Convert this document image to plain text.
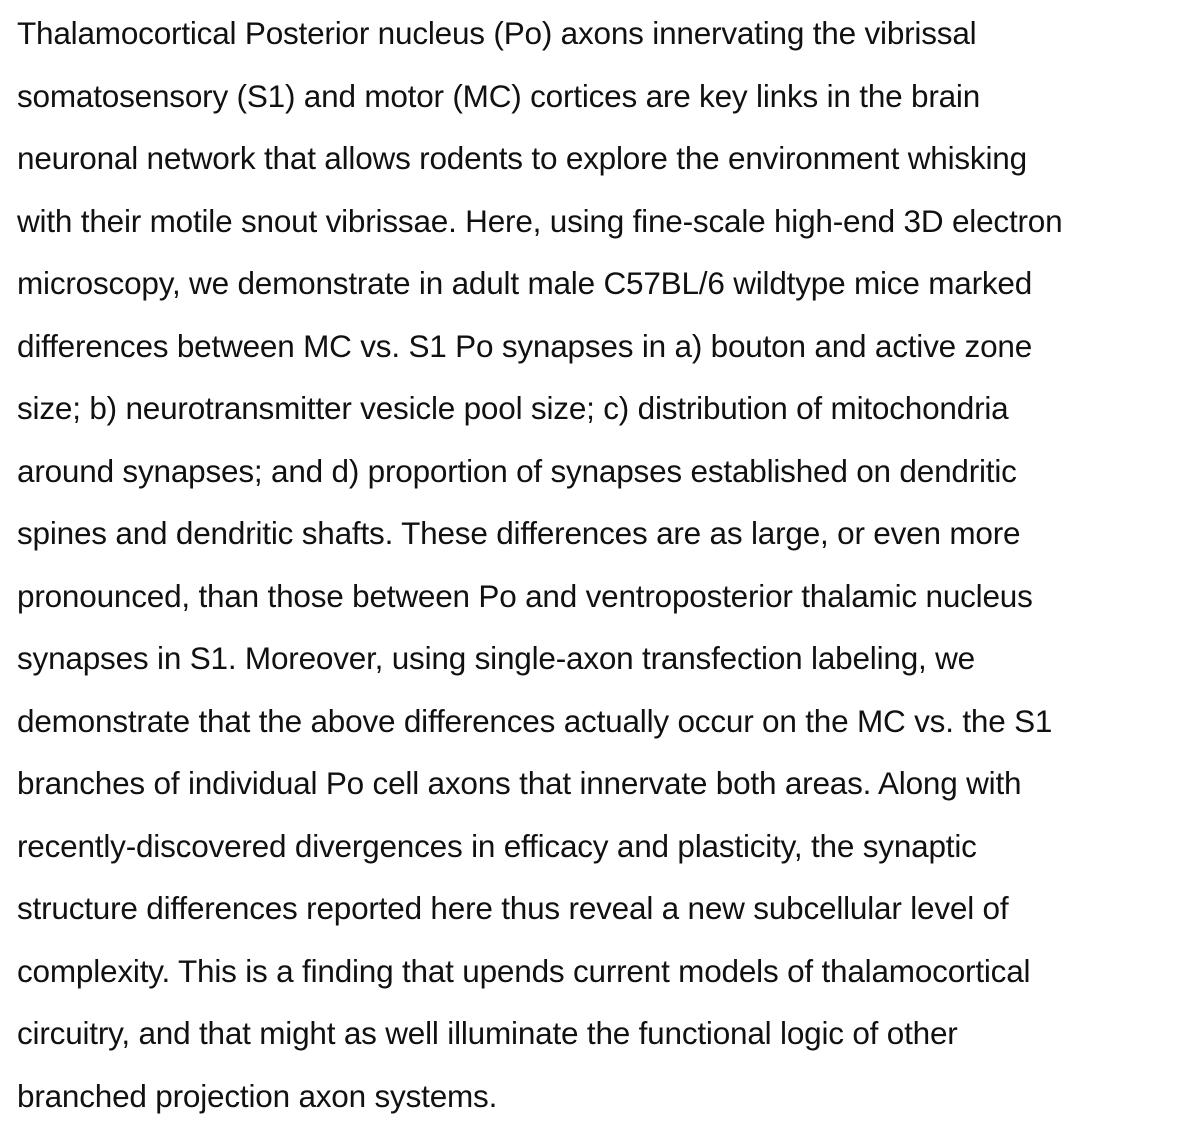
Thalamocortical Posterior nucleus (Po) axons innervating the vibrissal

somatosensory (S1) and motor (MC) cortices are key links in the brain

neuronal network that allows rodents to explore the environment whisking

with their motile snout vibrissae. Here, using fine-scale high-end 3D electron

microscopy, we demonstrate in adult male C57BL/6 wildtype mice marked

differences between MC vs. S1 Po synapses in a) bouton and active zone

size; b) neurotransmitter vesicle pool size; c) distribution of mitochondria

around synapses; and d) proportion of synapses established on dendritic

spines and dendritic shafts. These differences are as large, or even more

pronounced, than those between Po and ventroposterior thalamic nucleus

synapses in S1. Moreover, using single-axon transfection labeling, we

demonstrate that the above differences actually occur on the MC vs. the S1

branches of individual Po cell axons that innervate both areas. Along with

recently-discovered divergences in efficacy and plasticity, the synaptic

structure differences reported here thus reveal a new subcellular level of

complexity. This is a finding that upends current models of thalamocortical

circuitry, and that might as well illuminate the functional logic of other

branched projection axon systems.
